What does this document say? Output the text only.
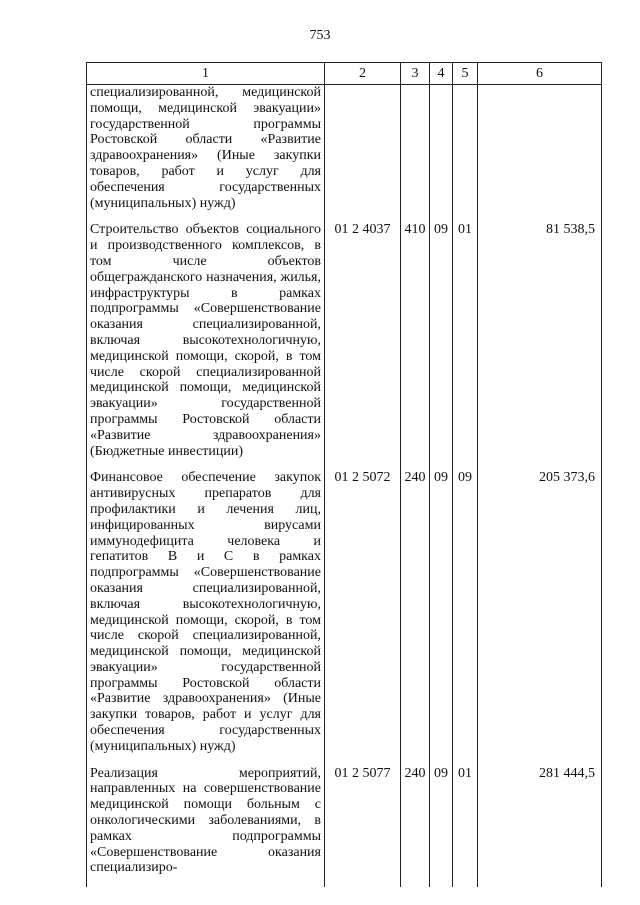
753
1	2	3	4	5	6
специализированной, медицинской помощи, медицинской эвакуации» государственной программы Ростовской области «Развитие здравоохранения» (Иные закупки товаров, работ и услуг для обеспечения государственных (муниципальных) нужд)					
Строительство объектов социального и производственного комплексов, в том числе объектов общегражданского назначения, жилья, инфраструктуры в рамках подпрограммы «Совершенствование оказания специализированной, включая высокотехнологичную, медицинской помощи, скорой, в том числе скорой специализированной медицинской помощи, медицинской эвакуации» государственной программы Ростовской области «Развитие здравоохранения» (Бюджетные инвестиции)	01 2 4037	410	09	01	81 538,5
Финансовое обеспечение закупок антивирусных препаратов для профилактики и лечения лиц, инфицированных вирусами иммунодефицита человека и гепатитов B и C в рамках подпрограммы «Совершенствование оказания специализированной, включая высокотехнологичную, медицинской помощи, скорой, в том числе скорой специализированной, медицинской помощи, медицинской эвакуации» государственной программы Ростовской области «Развитие здравоохранения» (Иные закупки товаров, работ и услуг для обеспечения государственных (муниципальных) нужд)	01 2 5072	240	09	09	205 373,6
Реализация мероприятий, направленных на совершенствование медицинской помощи больным с онкологическими заболеваниями, в рамках подпрограммы «Совершенствование оказания специализиро-	01 2 5077	240	09	01	281 444,5
